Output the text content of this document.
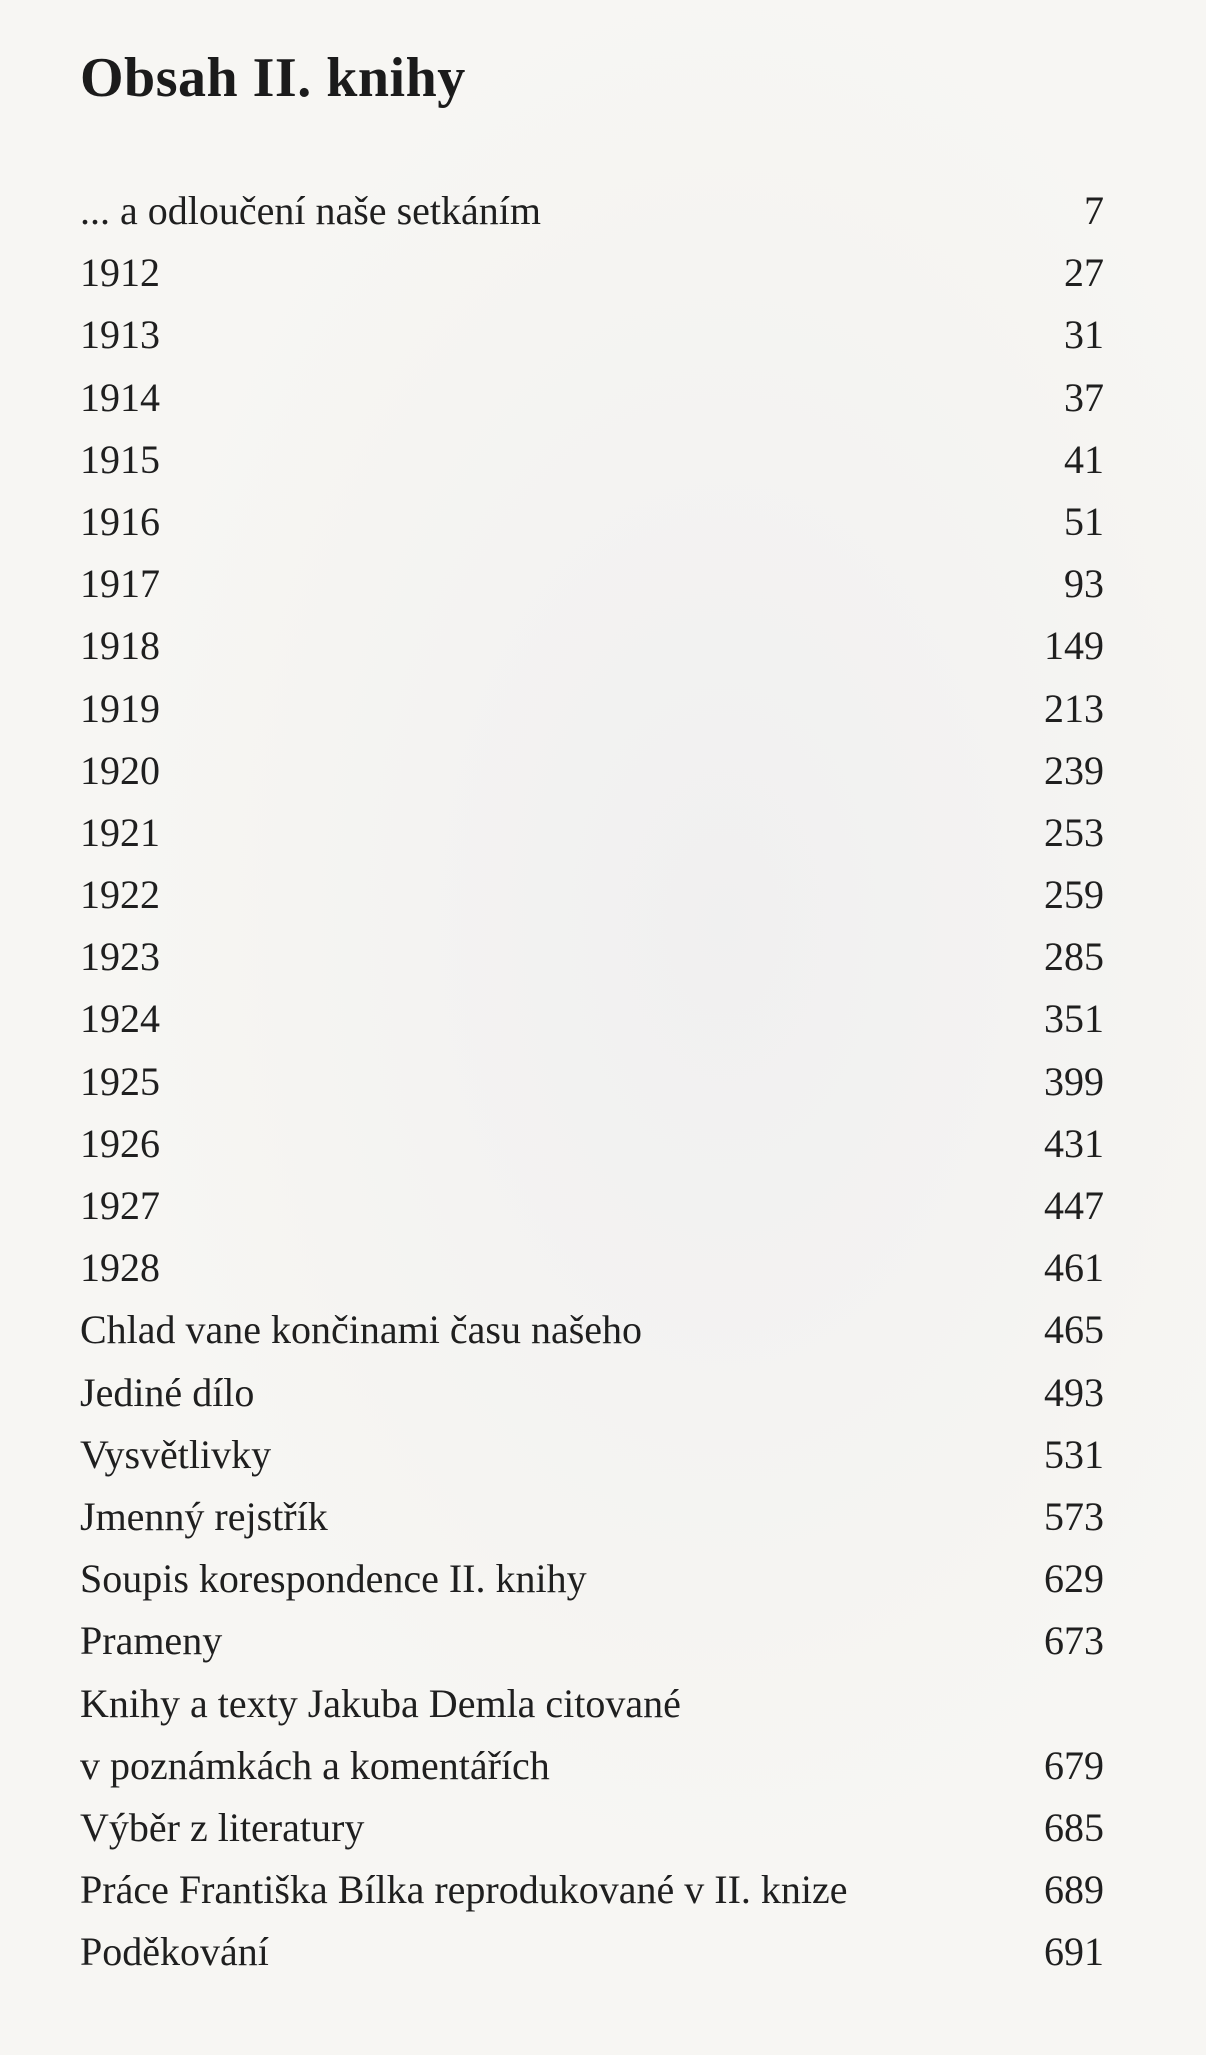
Obsah II. knihy
... a odloučení naše setkáním	7
1912	27
1913	31
1914	37
1915	41
1916	51
1917	93
1918	149
1919	213
1920	239
1921	253
1922	259
1923	285
1924	351
1925	399
1926	431
1927	447
1928	461
Chlad vane končinami času našeho	465
Jediné dílo	493
Vysvětlivky	531
Jmenný rejstřík	573
Soupis korespondence II. knihy	629
Prameny	673
Knihy a texty Jakuba Demla citované
v poznámkách a komentářích	679
Výběr z literatury	685
Práce Františka Bílka reprodukované v II. knize	689
Poděkování	691
